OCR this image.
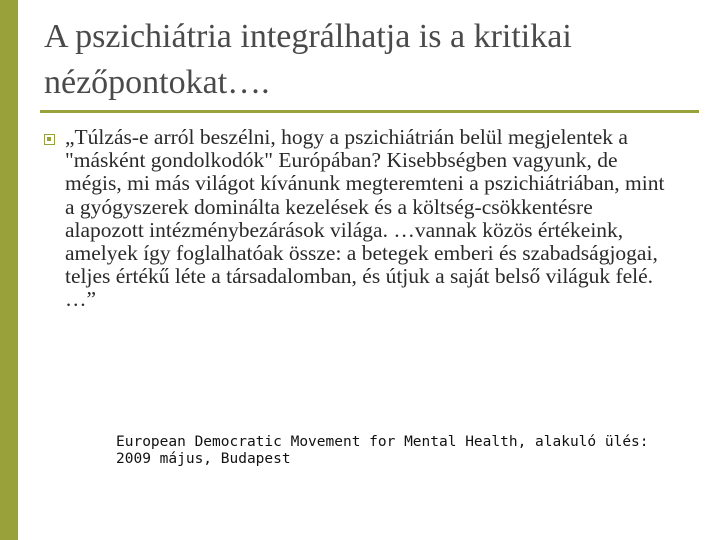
A pszichiátria integrálhatja is a kritikai nézőpontokat….

„Túlzás-e arról beszélni, hogy a pszichiátrián belül megjelentek a "másként gondolkodók" Európában? Kisebbségben vagyunk, de mégis, mi más világot kívánunk megteremteni a pszichiátriában, mint a gyógyszerek dominálta kezelések és a költség-csökkentésre alapozott intézménybezárások világa. …vannak közös értékeink, amelyek így foglalhatóak össze: a betegek emberi és szabadságjogai, teljes értékű léte a társadalomban, és útjuk a saját belső világuk felé. …”

European Democratic Movement for Mental Health, alakuló ülés: 2009 május, Budapest
